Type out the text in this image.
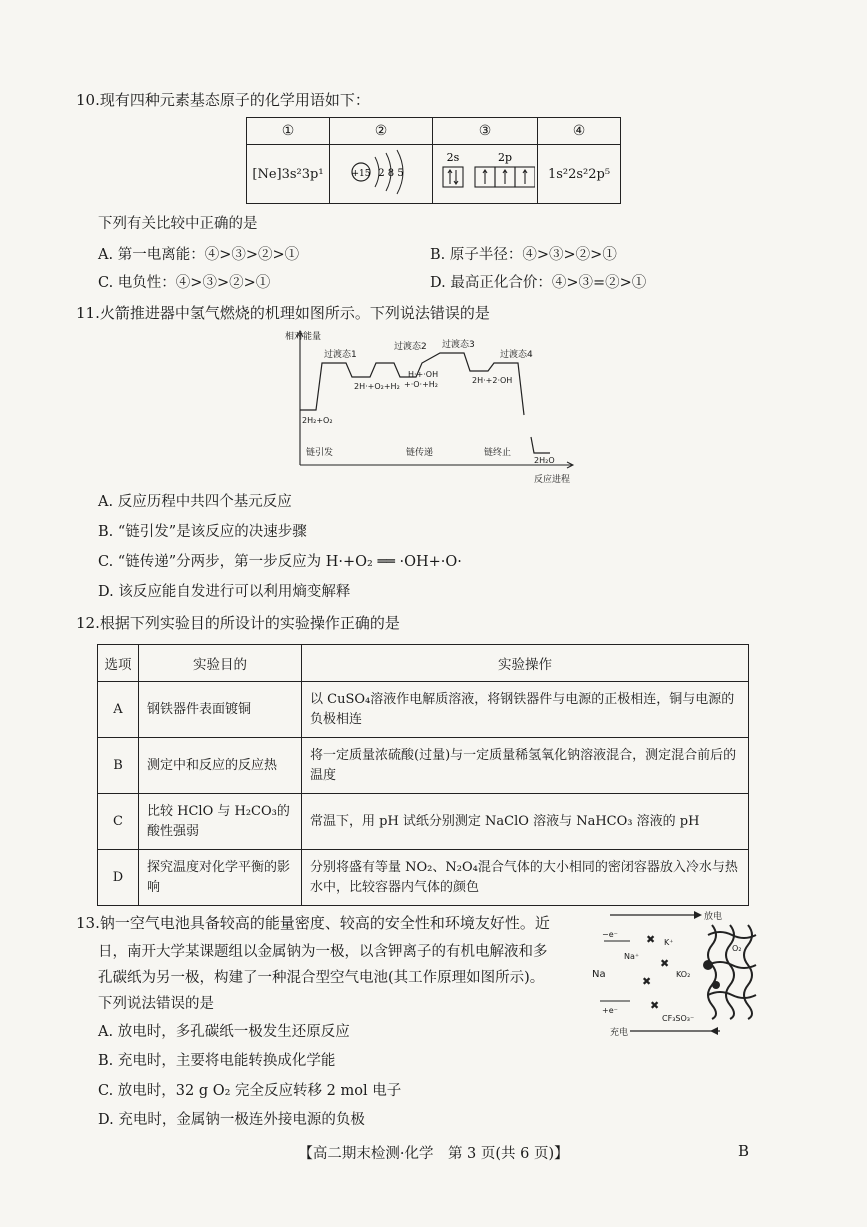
10.现有四种元素基态原子的化学用语如下：
①	②	③	④
[Ne]3s²3p¹	+15 2 8 5	2s 2p	1s²2s²2p⁵
下列有关比较中正确的是
A. 第一电离能：④>③>②>①	B. 原子半径：④>③>②>①
C. 电负性：④>③>②>①	D. 最高正化合价：④>③=②>①
11.火箭推进器中氢气燃烧的机理如图所示。下列说法错误的是
相对能量
过渡态1
过渡态2 过渡态3
过渡态4
2H₂+O₂
2H·+O₂+H₂
H·+·OH
+·O·+H₂	2H·+2·OH
2H₂O
链引发	链传递	链终止
反应进程
A. 反应历程中共四个基元反应
B. “链引发”是该反应的决速步骤
C. “链传递”分两步，第一步反应为 H·+O₂ ══ ·OH+·O·
D. 该反应能自发进行可以利用熵变解释
12.根据下列实验目的所设计的实验操作正确的是
选项	实验目的	实验操作
A	钢铁器件表面镀铜	以 CuSO₄溶液作电解质溶液，将钢铁器件与电源的正极相连，铜与电源的负极相连
B	测定中和反应的反应热	将一定质量浓硫酸(过量)与一定质量稀氢氧化钠溶液混合，测定混合前后的温度
C	比较 HClO 与 H₂CO₃的酸性强弱	常温下，用 pH 试纸分别测定 NaClO 溶液与 NaHCO₃ 溶液的 pH
D	探究温度对化学平衡的影响	分别将盛有等量 NO₂、N₂O₄混合气体的大小相同的密闭容器放入冷水与热水中，比较容器内气体的颜色
13.钠一空气电池具备较高的能量密度、较高的安全性和环境友好性。近
日，南开大学某课题组以金属钠为一极，以含钾离子的有机电解液和多
孔碳纸为另一极，构建了一种混合型空气电池(其工作原理如图所示)。
下列说法错误的是
放电
充电
Na
−e⁻
+e⁻
Na⁺
K⁺
KO₂
CF₃SO₃⁻
O₂
✖
✖
✖
✖
A. 放电时，多孔碳纸一极发生还原反应
B. 充电时，主要将电能转换成化学能
C. 放电时，32 g O₂ 完全反应转移 2 mol 电子
D. 充电时，金属钠一极连外接电源的负极
【高二期末检测·化学　第 3 页(共 6 页)】	B
